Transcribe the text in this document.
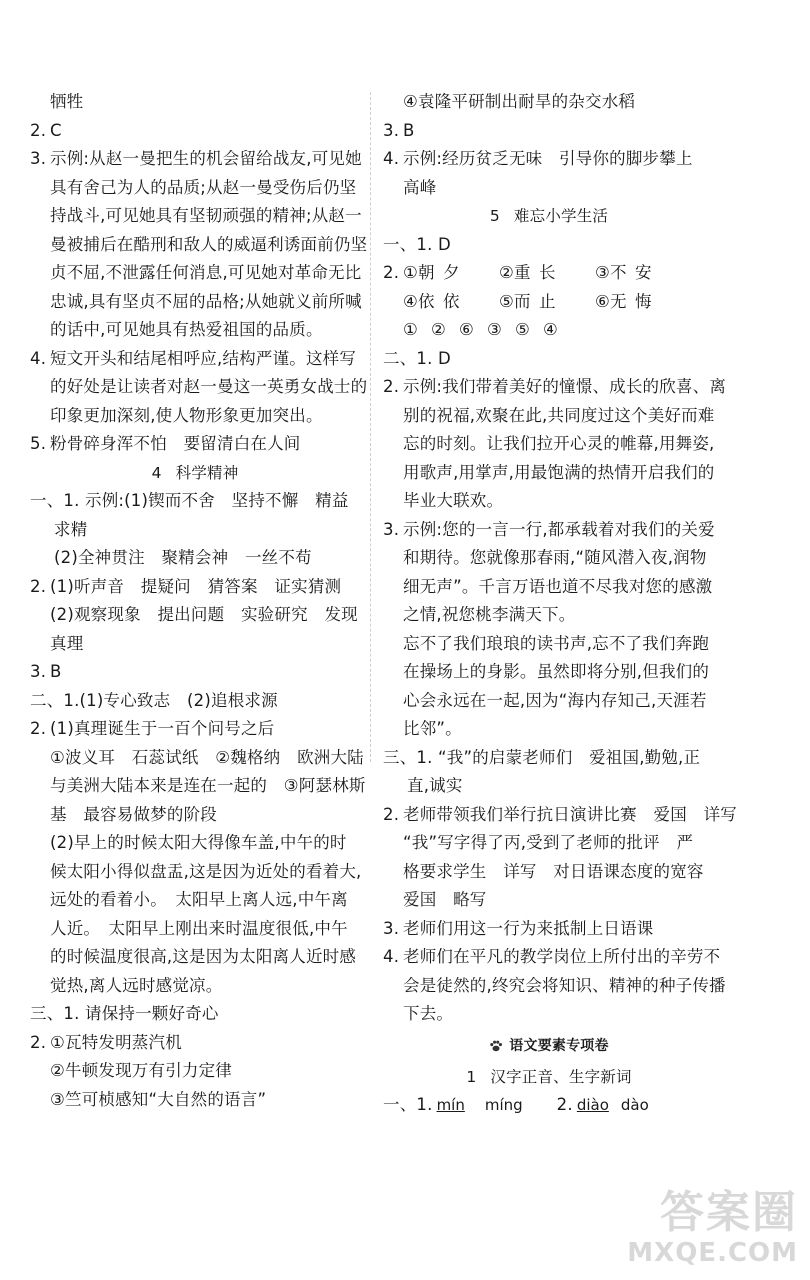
牺牲
2. C
3. 示例:从赵一曼把生的机会留给战友,可见她
具有舍己为人的品质;从赵一曼受伤后仍坚
持战斗,可见她具有坚韧顽强的精神;从赵一
曼被捕后在酷刑和敌人的威逼利诱面前仍坚
贞不屈,不泄露任何消息,可见她对革命无比
忠诚,具有坚贞不屈的品格;从她就义前所喊
的话中,可见她具有热爱祖国的品质。
4. 短文开头和结尾相呼应,结构严谨。这样写
的好处是让读者对赵一曼这一英勇女战士的
印象更加深刻,使人物形象更加突出。
5. 粉骨碎身浑不怕　要留清白在人间
4 科学精神
一、 1. 示例:(1)锲而不舍　坚持不懈　精益
求精
(2)全神贯注　聚精会神　一丝不苟
2. (1)听声音　提疑问　猜答案　证实猜测
(2)观察现象　提出问题　实验研究　发现
真理
3. B
二、 1.(1)专心致志　(2)追根求源
2. (1)真理诞生于一百个问号之后
①波义耳　石蕊试纸　②魏格纳　欧洲大陆
与美洲大陆本来是连在一起的　③阿瑟林斯
基　最容易做梦的阶段
(2)早上的时候太阳大得像车盖,中午的时
候太阳小得似盘盂,这是因为近处的看着大,
远处的看着小。　太阳早上离人远,中午离
人近。　太阳早上刚出来时温度很低,中午
的时候温度很高,这是因为太阳离人近时感
觉热,离人远时感觉凉。
三、 1. 请保持一颗好奇心
2. ①瓦特发明蒸汽机
②牛顿发现万有引力定律
③竺可桢感知“大自然的语言”
④袁隆平研制出耐旱的杂交水稻
3. B
4. 示例:经历贫乏无味　引导你的脚步攀上
高峰
5 难忘小学生活
一、 1. D
2. ①朝 夕	②重 长	③不 安
④依 依	⑤而 止	⑥无 悔
① ② ⑥ ③ ⑤ ④
二、 1. D
2. 示例:我们带着美好的憧憬、成长的欣喜、离
别的祝福,欢聚在此,共同度过这个美好而难
忘的时刻。让我们拉开心灵的帷幕,用舞姿,
用歌声,用掌声,用最饱满的热情开启我们的
毕业大联欢。
3. 示例:您的一言一行,都承载着对我们的关爱
和期待。您就像那春雨,“随风潜入夜,润物
细无声”。千言万语也道不尽我对您的感激
之情,祝您桃李满天下。
忘不了我们琅琅的读书声,忘不了我们奔跑
在操场上的身影。虽然即将分别,但我们的
心会永远在一起,因为“海内存知己,天涯若
比邻”。
三、 1. “我”的启蒙老师们　爱祖国,勤勉,正
直,诚实
2. 老师带领我们举行抗日演讲比赛　爱国　详写
“我”写字得了丙,受到了老师的批评　严
格要求学生　详写　对日语课态度的宽容
爱国　略写
3. 老师们用这一行为来抵制上日语课
4. 老师们在平凡的教学岗位上所付出的辛劳不
会是徒然的,终究会将知识、精神的种子传播
下去。
语文要素专项卷
1 汉字正音、生字新词
一、 1. mín míng 2. diào dào
答案圈
MXQE.COM
